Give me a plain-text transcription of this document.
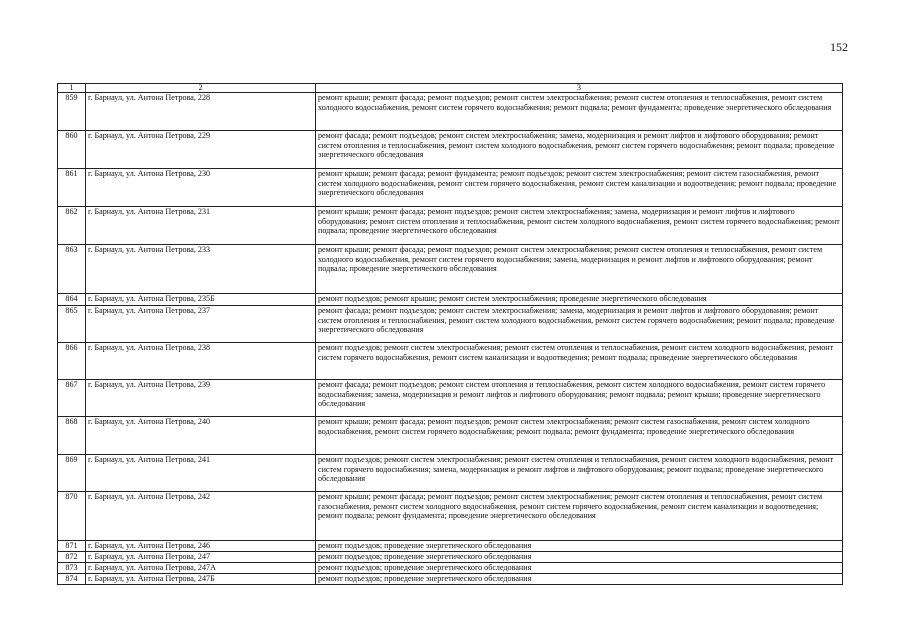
152
1	2	3
859	г. Барнаул, ул. Антона Петрова, 228	ремонт крыши; ремонт фасада; ремонт подъездов; ремонт систем электроснабжения; ремонт систем отопления и теплоснабжения, ремонт систем холодного водоснабжения, ремонт систем горячего водоснабжения; ремонт подвала; ремонт фундамента; проведение энергетического обследования
860	г. Барнаул, ул. Антона Петрова, 229	ремонт фасада; ремонт подъездов; ремонт систем электроснабжения; замена, модернизация и ремонт лифтов и лифтового оборудования; ремонт систем отопления и теплоснабжения, ремонт систем холодного водоснабжения, ремонт систем горячего водоснабжения; ремонт подвала; проведение энергетического обследования
861	г. Барнаул, ул. Антона Петрова, 230	ремонт крыши; ремонт фасада; ремонт фундамента; ремонт подъездов; ремонт систем электроснабжения; ремонт систем газоснабжения, ремонт систем холодного водоснабжения, ремонт систем горячего водоснабжения, ремонт систем канализации и водоотведения; ремонт подвала; проведение энергетического обследования
862	г. Барнаул, ул. Антона Петрова, 231	ремонт крыши; ремонт фасада; ремонт подъездов; ремонт систем электроснабжения; замена, модернизация и ремонт лифтов и лифтового оборудования; ремонт систем отопления и теплоснабжения, ремонт систем холодного водоснабжения, ремонт систем горячего водоснабжения; ремонт подвала; проведение энергетического обследования
863	г. Барнаул, ул. Антона Петрова, 233	ремонт крыши; ремонт фасада; ремонт подъездов; ремонт систем электроснабжения; ремонт систем отопления и теплоснабжения, ремонт систем холодного водоснабжения, ремонт систем горячего водоснабжения; замена, модернизация и ремонт лифтов и лифтового оборудования; ремонт подвала; проведение энергетического обследования
864	г. Барнаул, ул. Антона Петрова, 235Б	ремонт подъездов; ремонт крыши; ремонт систем электроснабжения; проведение энергетического обследования
865	г. Барнаул, ул. Антона Петрова, 237	ремонт фасада; ремонт подъездов; ремонт систем электроснабжения; замена, модернизация и ремонт лифтов и лифтового оборудования; ремонт систем отопления и теплоснабжения, ремонт систем холодного водоснабжения, ремонт систем горячего водоснабжения; ремонт подвала; проведение энергетического обследования
866	г. Барнаул, ул. Антона Петрова, 238	ремонт подъездов; ремонт систем электроснабжения; ремонт систем отопления и теплоснабжения, ремонт систем холодного водоснабжения, ремонт систем горячего водоснабжения, ремонт систем канализации и водоотведения; ремонт подвала; проведение энергетического обследования
867	г. Барнаул, ул. Антона Петрова, 239	ремонт фасада; ремонт подъездов; ремонт систем отопления и теплоснабжения, ремонт систем холодного водоснабжения, ремонт систем горячего водоснабжения; замена, модернизация и ремонт лифтов и лифтового оборудования; ремонт подвала; ремонт крыши; проведение энергетического обследования
868	г. Барнаул, ул. Антона Петрова, 240	ремонт крыши; ремонт фасада; ремонт подъездов; ремонт систем электроснабжения; ремонт систем газоснабжения, ремонт систем холодного водоснабжения, ремонт систем горячего водоснабжения; ремонт подвала; ремонт фундамента; проведение энергетического обследования
869	г. Барнаул, ул. Антона Петрова, 241	ремонт подъездов; ремонт систем электроснабжения; ремонт систем отопления и теплоснабжения, ремонт систем холодного водоснабжения, ремонт систем горячего водоснабжения; замена, модернизация и ремонт лифтов и лифтового оборудования; ремонт подвала; проведение энергетического обследования
870	г. Барнаул, ул. Антона Петрова, 242	ремонт крыши; ремонт фасада; ремонт подъездов; ремонт систем электроснабжения; ремонт систем отопления и теплоснабжения, ремонт систем газоснабжения, ремонт систем холодного водоснабжения, ремонт систем горячего водоснабжения, ремонт систем канализации и водоотведения; ремонт подвала; ремонт фундамента; проведение энергетического обследования
871	г. Барнаул, ул. Антона Петрова, 246	ремонт подъездов; проведение энергетического обследования
872	г. Барнаул, ул. Антона Петрова, 247	ремонт подъездов; проведение энергетического обследования
873	г. Барнаул, ул. Антона Петрова, 247А	ремонт подъездов; проведение энергетического обследования
874	г. Барнаул, ул. Антона Петрова, 247Б	ремонт подъездов; проведение энергетического обследования
